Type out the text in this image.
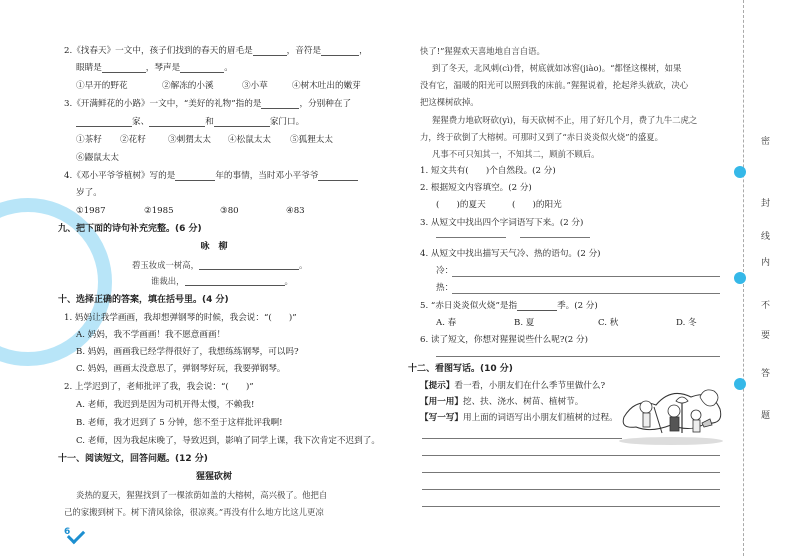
2.《找春天》一文中，孩子们找到的春天的眉毛是	，音符是	，
眼睛是	，琴声是	。
①早开的野花	②解冻的小溪	③小草	④树木吐出的嫩芽
3.《开满鲜花的小路》一文中，“美好的礼物”指的是	，分别种在了
家、	和	家门口。
①茶籽 ②花籽	③刺猬太太 ④松鼠太太 ⑤狐狸太太
⑥鼹鼠太太
4.《邓小平爷爷植树》写的是	年的事情，当时邓小平爷爷
岁了。
①1987	②1985	③80	④83
九、把下面的诗句补充完整。(6 分)
咏　柳
碧玉妆成一树高，	。
谁裁出，	。
十、选择正确的答案，填在括号里。(4 分)
1. 妈妈让我学画画，我却想弹钢琴的时候，我会说：“(　　)”
A. 妈妈，我不学画画！我不愿意画画！
B. 妈妈，画画我已经学得很好了，我想练练钢琴，可以吗?
C. 妈妈，画画太没意思了，弹钢琴好玩，我要弹钢琴。
2. 上学迟到了，老师批评了我，我会说：“(　　)”
A. 老师，我迟到是因为司机开得太慢，不赖我!
B. 老师，我才迟到了 5 分钟，您不至于这样批评我啊!
C. 老师，因为我起床晚了，导致迟到，影响了同学上课，我下次肯定不迟到了。
十一、阅读短文，回答问题。(12 分)
猩猩砍树
炎热的夏天，猩猩找到了一棵浓荫如盖的大榕树，高兴极了。他把自
己的家搬到树下。树下清风徐徐，很凉爽。”再没有什么地方比这儿更凉
6
快了!”猩猩欢天喜地地自言自语。
到了冬天，北风刺(cì)骨，树底就如冰窖(jiào)。“都怪这棵树，如果
没有它，温暖的阳光可以照到我的床前。”猩猩说着，抡起斧头就砍，决心
把这棵树砍掉。
猩猩费力地砍呀砍(yì)，每天砍树不止，用了好几个月，费了九牛二虎之
力，终于砍倒了大榕树。可那时又到了“赤日炎炎似火烧”的盛夏。
凡事不可只知其一，不知其二，顾前不顾后。
1. 短文共有(　　)个自然段。(2 分)
2. 根据短文内容填空。(2 分)
(　　)的夏天	(　　)的阳光
3. 从短文中找出四个字词语写下来。(2 分)
4. 从短文中找出描写天气冷、热的语句。(2 分)
冷：
热：
5. “赤日炎炎似火烧”是指	季。(2 分)
A. 春	B. 夏	C. 秋	D. 冬
6. 读了短文，你想对猩猩说些什么呢?(2 分)
十二、看图写话。(10 分)
【提示】看一看，小朋友们在什么季节里做什么?
【用一用】挖、扶、浇水、树苗、植树节。
【写一写】用上面的词语写出小朋友们植树的过程。
密
封
线
内
不
要
答
题
